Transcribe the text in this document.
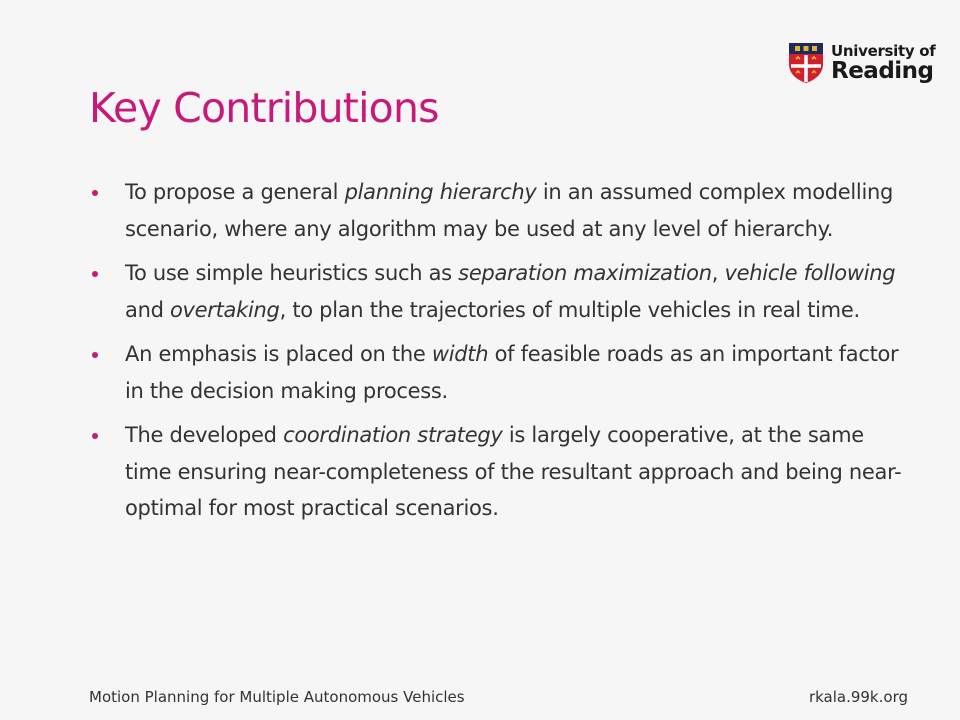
University of
Reading
Key Contributions
To propose a general planning hierarchy in an assumed complex modelling scenario, where any algorithm may be used at any level of hierarchy.
To use simple heuristics such as separation maximization, vehicle following and overtaking, to plan the trajectories of multiple vehicles in real time.
An emphasis is placed on the width of feasible roads as an important factor in the decision making process.
The developed coordination strategy is largely cooperative, at the same time ensuring near-completeness of the resultant approach and being near-optimal for most practical scenarios.
Motion Planning for Multiple Autonomous Vehicles	rkala.99k.org
